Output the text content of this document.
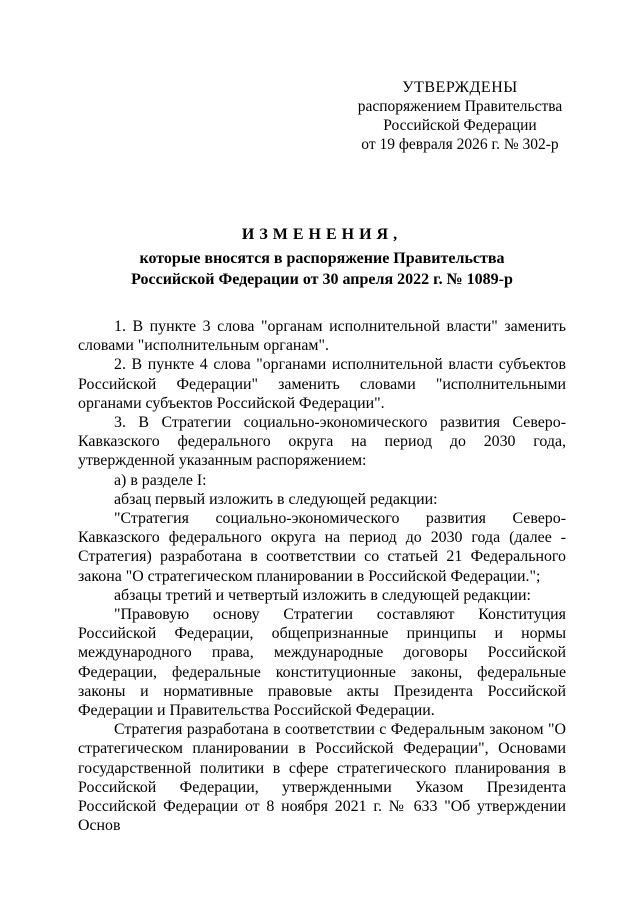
УТВЕРЖДЕНЫ
распоряжением Правительства
Российской Федерации
от 19 февраля 2026 г. № 302-р
ИЗМЕНЕНИЯ,
которые вносятся в распоряжение Правительства
Российской Федерации от 30 апреля 2022 г. № 1089-р

1. В пункте 3 слова "органам исполнительной власти" заменить словами "исполнительным органам".

2. В пункте 4 слова "органами исполнительной власти субъектов Российской Федерации" заменить словами "исполнительными органами субъектов Российской Федерации".

3. В Стратегии социально-экономического развития Северо-Кавказского федерального округа на период до 2030 года, утвержденной указанным распоряжением:

а) в разделе I:

абзац первый изложить в следующей редакции:

"Стратегия социально-экономического развития Северо-Кавказского федерального округа на период до 2030 года (далее - Стратегия) разработана в соответствии со статьей 21 Федерального закона "О стратегическом планировании в Российской Федерации.";

абзацы третий и четвертый изложить в следующей редакции:

"Правовую основу Стратегии составляют Конституция Российской Федерации, общепризнанные принципы и нормы международного права, международные договоры Российской Федерации, федеральные конституционные законы, федеральные законы и нормативные правовые акты Президента Российской Федерации и Правительства Российской Федерации.

Стратегия разработана в соответствии с Федеральным законом "О стратегическом планировании в Российской Федерации", Основами государственной политики в сфере стратегического планирования в Российской Федерации, утвержденными Указом Президента Российской Федерации от 8 ноября 2021 г. № 633 "Об утверждении Основ
